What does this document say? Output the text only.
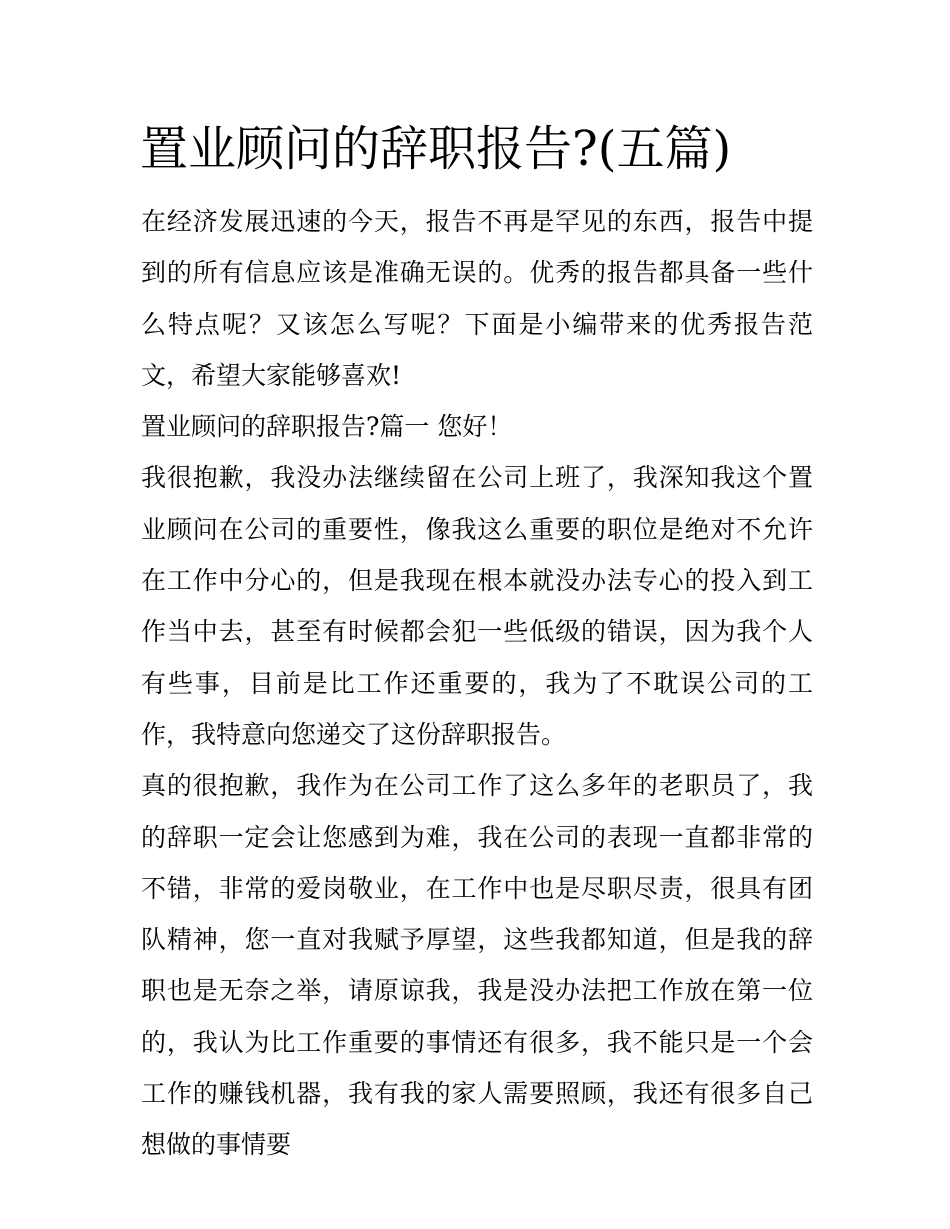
置业顾问的辞职报告?(五篇)

在经济发展迅速的今天，报告不再是罕见的东西，报告中提到的所有信息应该是准确无误的。优秀的报告都具备一些什么特点呢？又该怎么写呢？下面是小编带来的优秀报告范文，希望大家能够喜欢!

置业顾问的辞职报告?篇一 您好！

我很抱歉，我没办法继续留在公司上班了，我深知我这个置业顾问在公司的重要性，像我这么重要的职位是绝对不允许在工作中分心的，但是我现在根本就没办法专心的投入到工作当中去，甚至有时候都会犯一些低级的错误，因为我个人有些事，目前是比工作还重要的，我为了不耽误公司的工作，我特意向您递交了这份辞职报告。

真的很抱歉，我作为在公司工作了这么多年的老职员了，我的辞职一定会让您感到为难，我在公司的表现一直都非常的不错，非常的爱岗敬业，在工作中也是尽职尽责，很具有团队精神，您一直对我赋予厚望，这些我都知道，但是我的辞职也是无奈之举，请原谅我，我是没办法把工作放在第一位的，我认为比工作重要的事情还有很多，我不能只是一个会工作的赚钱机器，我有我的家人需要照顾，我还有很多自己想做的事情要
